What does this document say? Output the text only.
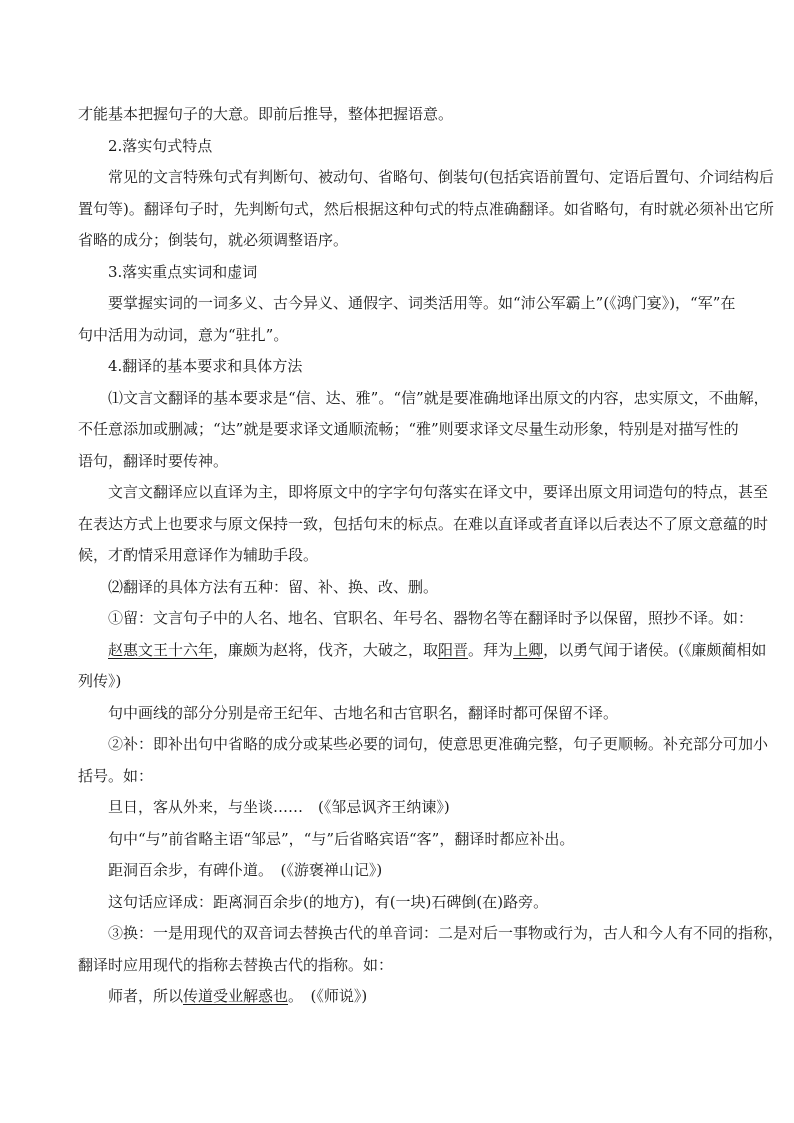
才能基本把握句子的大意。即前后推导，整体把握语意。
2.落实句式特点
常见的文言特殊句式有判断句、被动句、省略句、倒装句(包括宾语前置句、定语后置句、介词结构后
置句等)。翻译句子时，先判断句式，然后根据这种句式的特点准确翻译。如省略句，有时就必须补出它所
省略的成分；倒装句，就必须调整语序。
3.落实重点实词和虚词
要掌握实词的一词多义、古今异义、通假字、词类活用等。如“沛公军霸上”(《鸿门宴》)，“军”在
句中活用为动词，意为“驻扎”。
4.翻译的基本要求和具体方法
⑴文言文翻译的基本要求是“信、达、雅”。“信”就是要准确地译出原文的内容，忠实原文，不曲解，
不任意添加或删减；“达”就是要求译文通顺流畅；“雅”则要求译文尽量生动形象，特别是对描写性的
语句，翻译时要传神。
文言文翻译应以直译为主，即将原文中的字字句句落实在译文中，要译出原文用词造句的特点，甚至
在表达方式上也要求与原文保持一致，包括句末的标点。在难以直译或者直译以后表达不了原文意蕴的时
候，才酌情采用意译作为辅助手段。
⑵翻译的具体方法有五种：留、补、换、改、删。
①留：文言句子中的人名、地名、官职名、年号名、器物名等在翻译时予以保留，照抄不译。如：
赵惠文王十六年，廉颇为赵将，伐齐，大破之，取阳晋。拜为上卿，以勇气闻于诸侯。(《廉颇蔺相如
列传》)
句中画线的部分分别是帝王纪年、古地名和古官职名，翻译时都可保留不译。
②补：即补出句中省略的成分或某些必要的词句，使意思更准确完整，句子更顺畅。补充部分可加小
括号。如：
旦日，客从外来，与坐谈……　(《邹忌讽齐王纳谏》)
句中“与”前省略主语“邹忌”，“与”后省略宾语“客”，翻译时都应补出。
距洞百余步，有碑仆道。　(《游褒禅山记》)
这句话应译成：距离洞百余步(的地方)，有(一块)石碑倒(在)路旁。
③换：一是用现代的双音词去替换古代的单音词：二是对后一事物或行为，古人和今人有不同的指称，
翻译时应用现代的指称去替换古代的指称。如：
师者，所以传道受业解惑也。　(《师说》)
